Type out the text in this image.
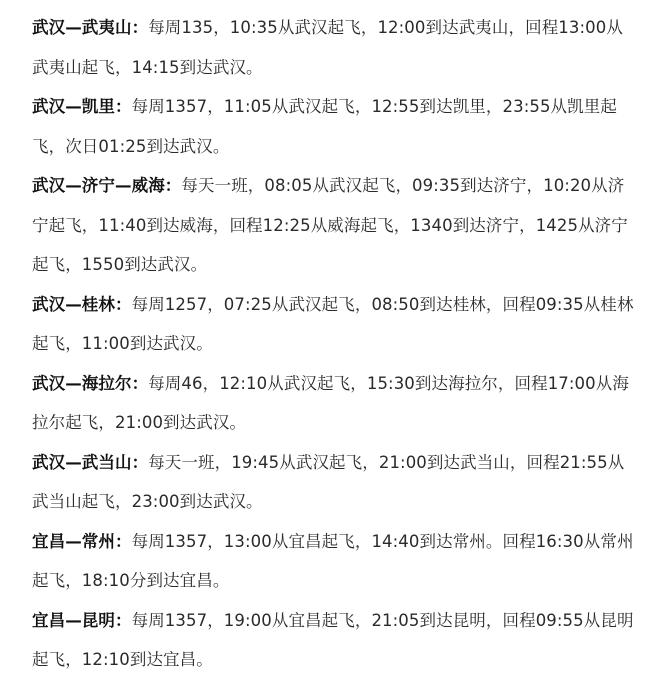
武汉—武夷山：每周135，10:35从武汉起飞，12:00到达武夷山，回程13:00从武夷山起飞，14:15到达武汉。

武汉—凯里：每周1357，11:05从武汉起飞，12:55到达凯里，23:55从凯里起飞，次日01:25到达武汉。

武汉—济宁—威海：每天一班，08:05从武汉起飞，09:35到达济宁，10:20从济宁起飞，11:40到达威海，回程12:25从威海起飞，1340到达济宁，1425从济宁起飞，1550到达武汉。

武汉—桂林：每周1257，07:25从武汉起飞，08:50到达桂林，回程09:35从桂林起飞，11:00到达武汉。

武汉—海拉尔：每周46，12:10从武汉起飞，15:30到达海拉尔，回程17:00从海拉尔起飞，21:00到达武汉。

武汉—武当山：每天一班，19:45从武汉起飞，21:00到达武当山，回程21:55从武当山起飞，23:00到达武汉。

宜昌—常州：每周1357，13:00从宜昌起飞，14:40到达常州。回程16:30从常州起飞，18:10分到达宜昌。

宜昌—昆明：每周1357，19:00从宜昌起飞，21:05到达昆明，回程09:55从昆明起飞，12:10到达宜昌。
